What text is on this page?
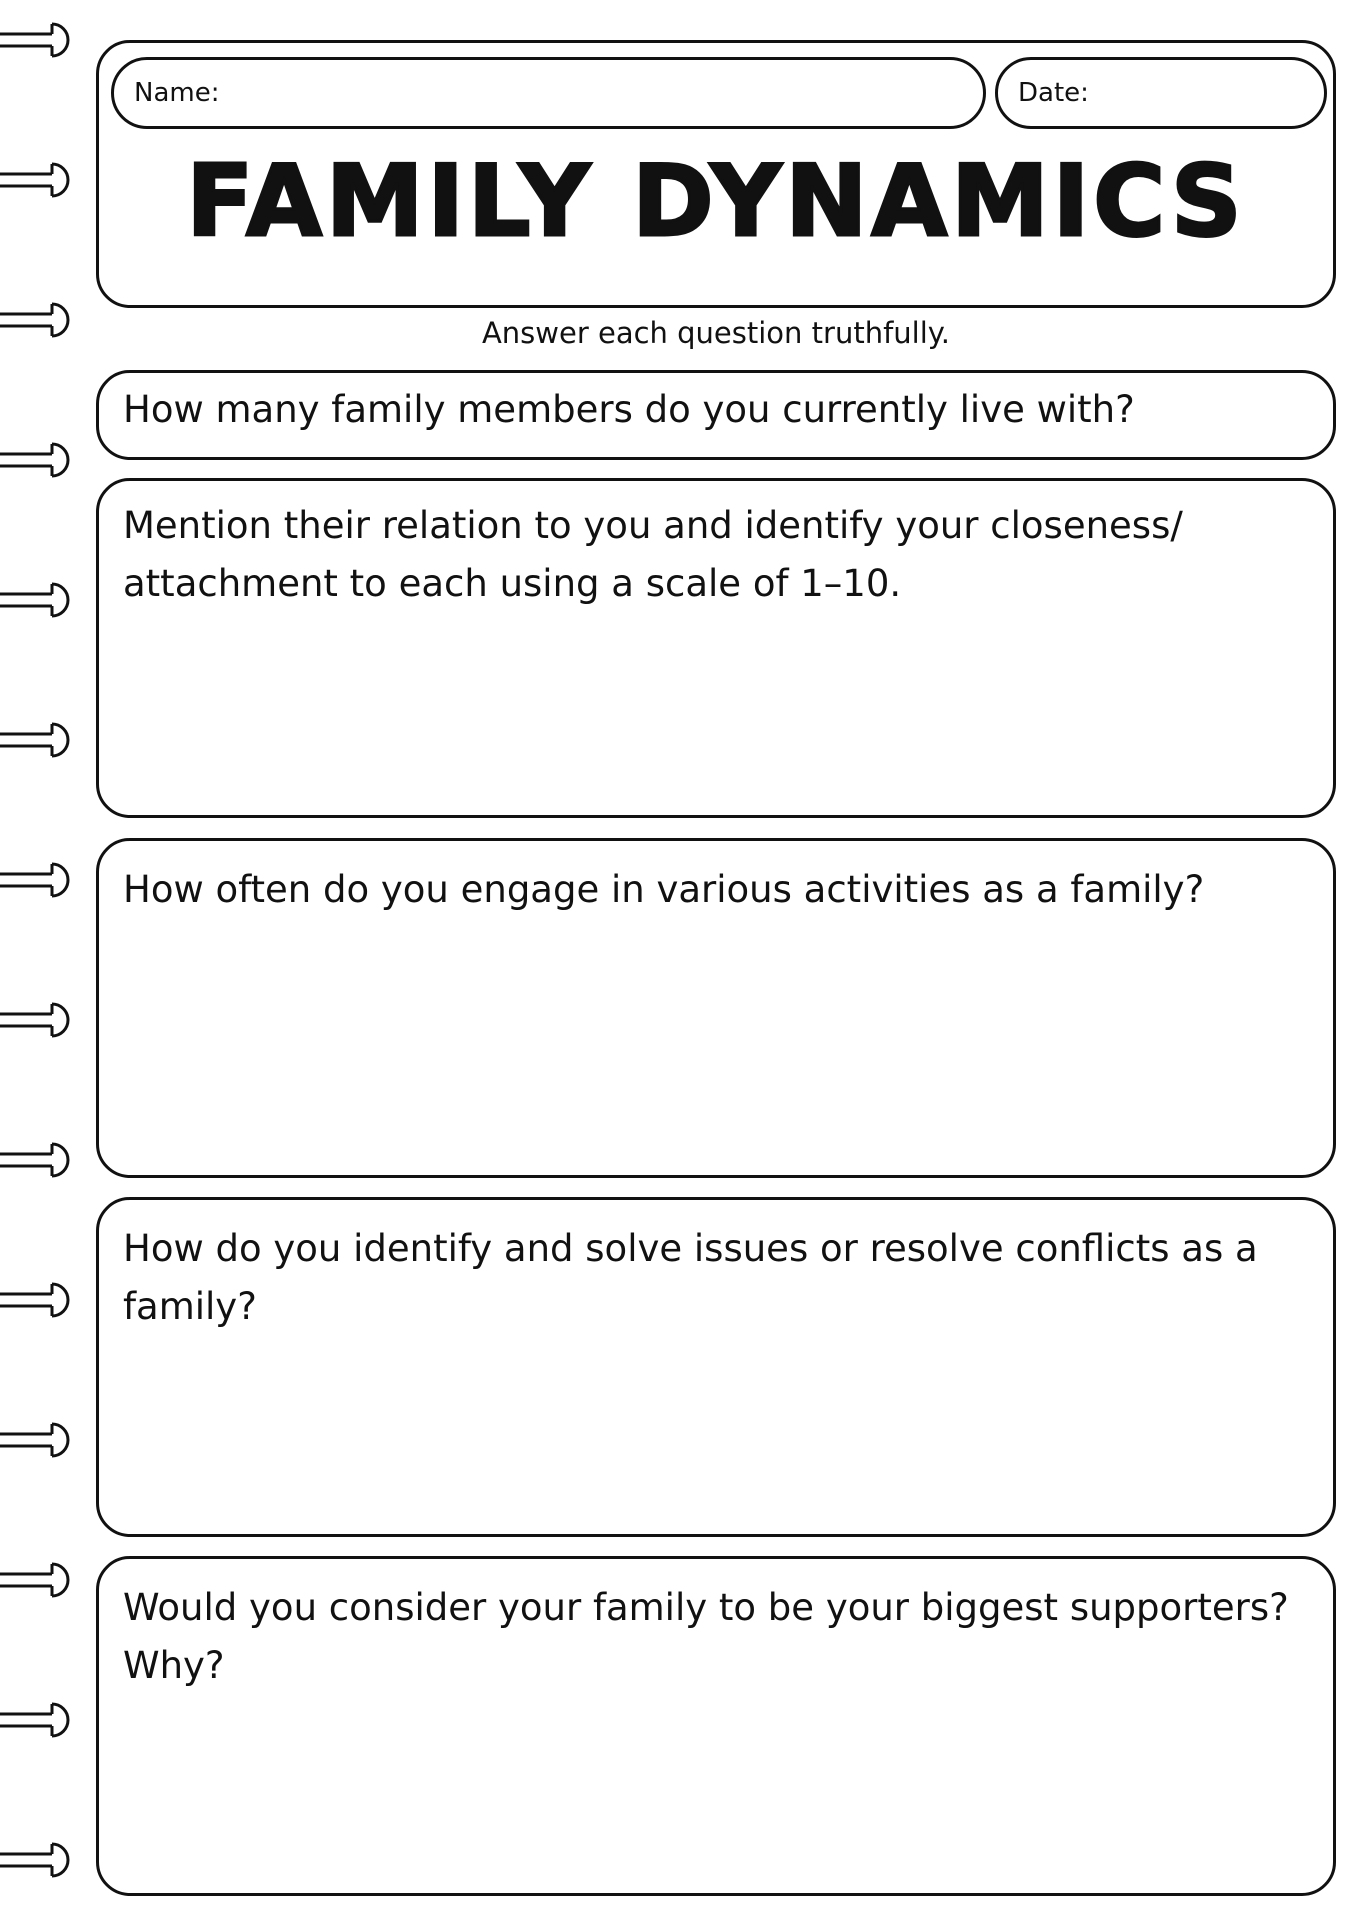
Name:	Date:
FAMILY DYNAMICS
Answer each question truthfully.
How many family members do you currently live with?
Mention their relation to you and identify your closeness/ attachment to each using a scale of 1–10.
How often do you engage in various activities as a family?
How do you identify and solve issues or resolve conflicts as a family?
Would you consider your family to be your biggest supporters? Why?
